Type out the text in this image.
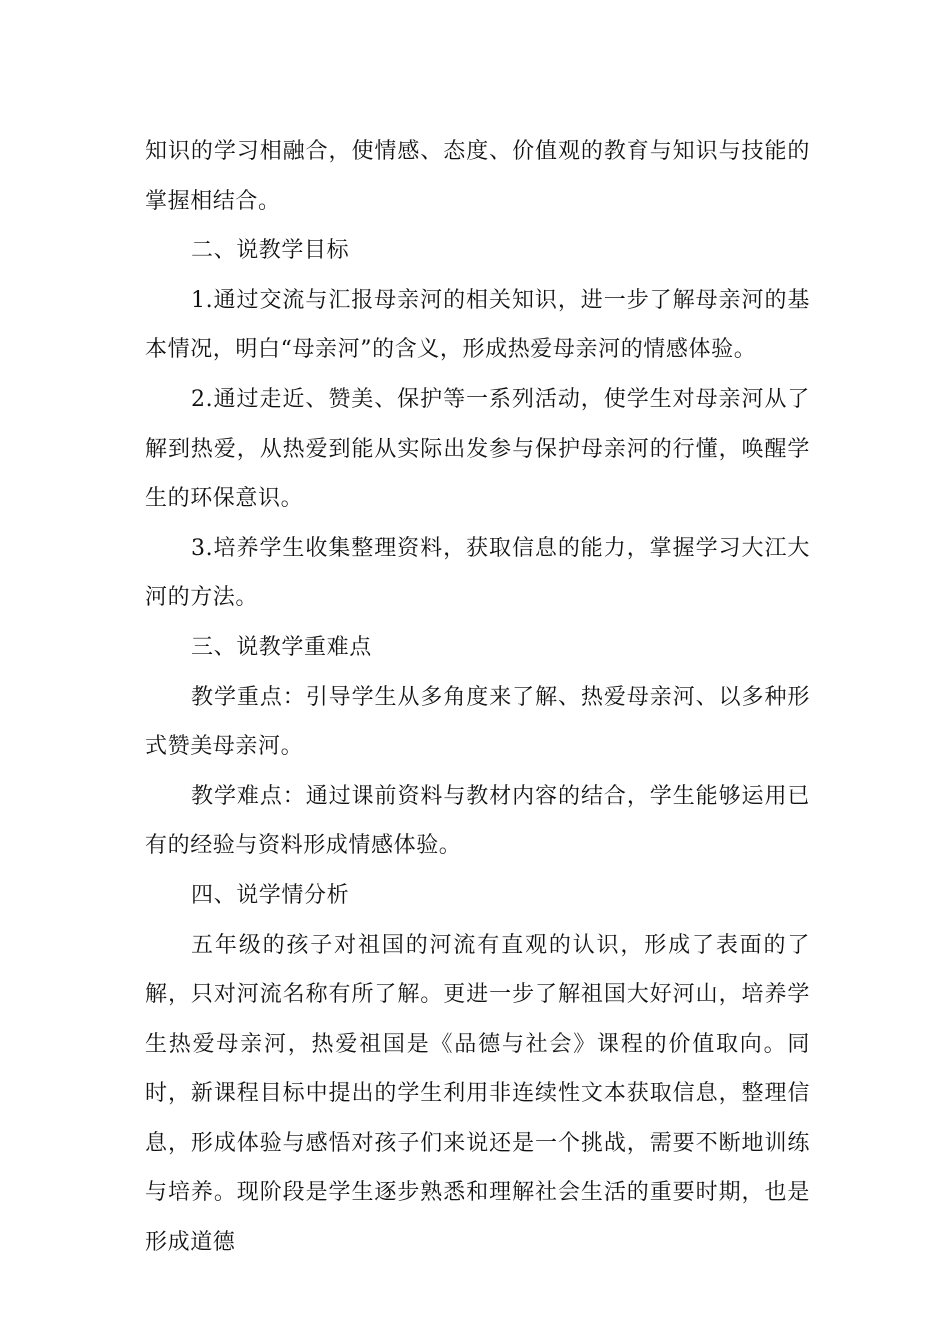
知识的学习相融合，使情感、态度、价值观的教育与知识与技能的掌握相结合。

二、说教学目标

1.通过交流与汇报母亲河的相关知识，进一步了解母亲河的基本情况，明白“母亲河”的含义，形成热爱母亲河的情感体验。

2.通过走近、赞美、保护等一系列活动，使学生对母亲河从了解到热爱，从热爱到能从实际出发参与保护母亲河的行懂，唤醒学生的环保意识。

3.培养学生收集整理资料，获取信息的能力，掌握学习大江大河的方法。

三、说教学重难点

教学重点：引导学生从多角度来了解、热爱母亲河、以多种形式赞美母亲河。

教学难点：通过课前资料与教材内容的结合，学生能够运用已有的经验与资料形成情感体验。

四、说学情分析

五年级的孩子对祖国的河流有直观的认识，形成了表面的了解，只对河流名称有所了解。更进一步了解祖国大好河山，培养学生热爱母亲河，热爱祖国是《品德与社会》课程的价值取向。同时，新课程目标中提出的学生利用非连续性文本获取信息，整理信息，形成体验与感悟对孩子们来说还是一个挑战，需要不断地训练与培养。现阶段是学生逐步熟悉和理解社会生活的重要时期，也是形成道德
